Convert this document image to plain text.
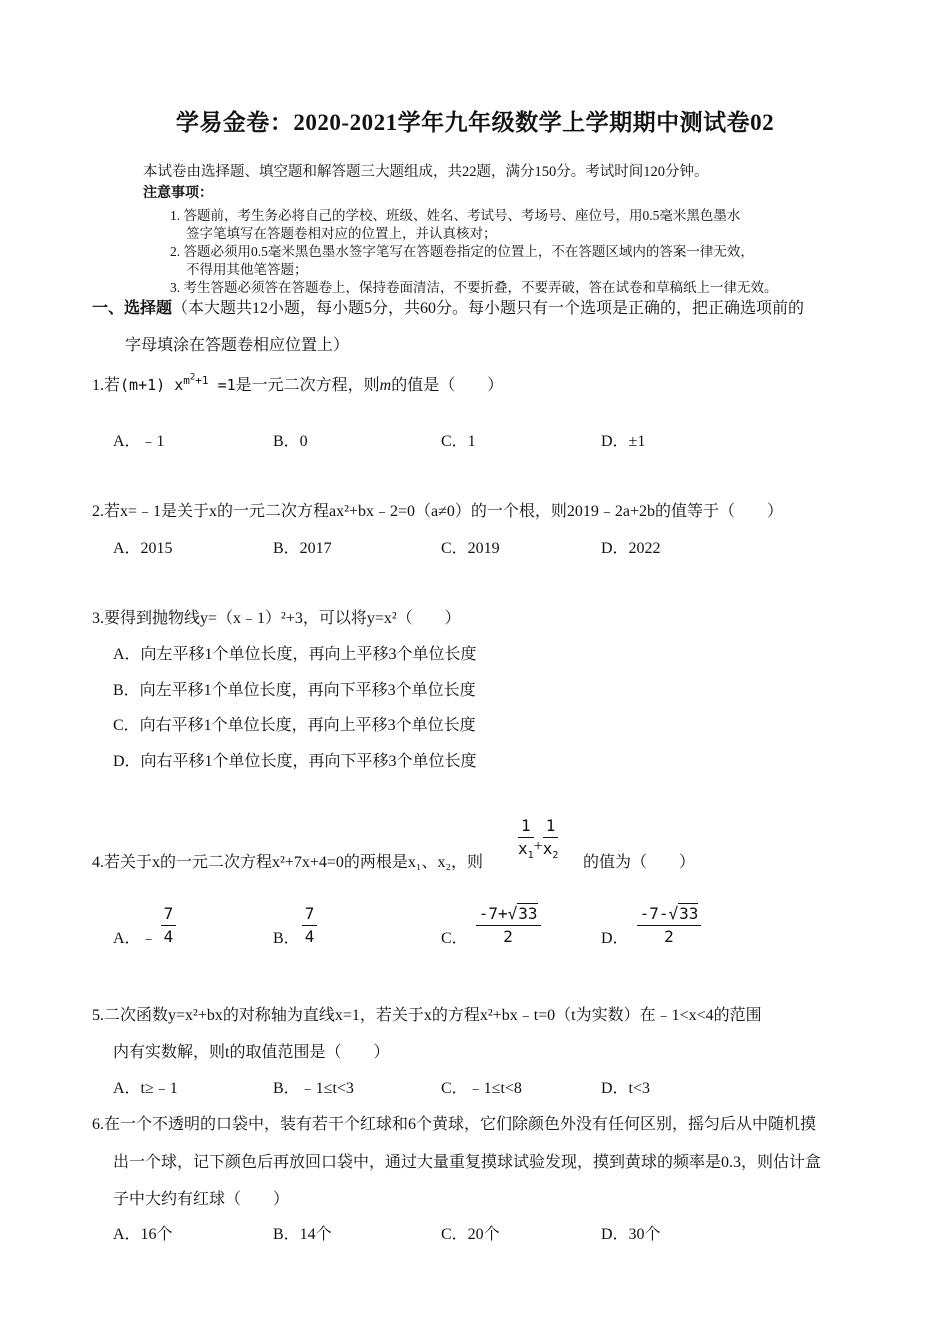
学易金卷：2020-2021学年九年级数学上学期期中测试卷02
本试卷由选择题、填空题和解答题三大题组成，共22题，满分150分。考试时间120分钟。
注意事项：
1. 答题前，考生务必将自己的学校、班级、姓名、考试号、考场号、座位号，用0.5毫米黑色墨水
签字笔填写在答题卷相对应的位置上，并认真核对；
2. 答题必须用0.5毫米黑色墨水签字笔写在答题卷指定的位置上，不在答题区域内的答案一律无效，
不得用其他笔答题；
3. 考生答题必须答在答题卷上，保持卷面清洁，不要折叠，不要弄破，答在试卷和草稿纸上一律无效。
一、选择题（本大题共12小题，每小题5分，共60分。每小题只有一个选项是正确的，把正确选项前的
字母填涂在答题卷相应位置上）
1.若(m+1) $x^{m^2+1} =1$是一元二次方程，则m的值是（　　）
A．﹣1	B．0	C．1	D．±1
2.若x=﹣1是关于x的一元二次方程ax²+bx﹣2=0（a≠0）的一个根，则2019﹣2a+2b的值等于（　　）
A．2015	B．2017	C．2019	D．2022
3.要得到抛物线y=（x﹣1）²+3，可以将y=x²（　　）
A．向左平移1个单位长度，再向上平移3个单位长度
B．向左平移1个单位长度，再向下平移3个单位长度
C．向右平移1个单位长度，再向上平移3个单位长度
D．向右平移1个单位长度，再向下平移3个单位长度
4.若关于x的一元二次方程x²+7x+4=0的两根是x₁、x₂，则
$\frac{1}{x_1} + \frac{1}{x_2}$
的值为（　　）
A．﹣ $\frac{7}{4}$	B． $\frac{7}{4}$	C． $\frac{-7+√33}{2}$	D． $\frac{-7-√33}{2}$
5.二次函数y=x²+bx的对称轴为直线x=1，若关于x的方程x²+bx﹣t=0（t为实数）在﹣1<x<4的范围
内有实数解，则t的取值范围是（　　）
A．t≥﹣1	B．﹣1≤t<3	C．﹣1≤t<8	D．t<3
6.在一个不透明的口袋中，装有若干个红球和6个黄球，它们除颜色外没有任何区别，摇匀后从中随机摸
出一个球，记下颜色后再放回口袋中，通过大量重复摸球试验发现，摸到黄球的频率是0.3，则估计盒
子中大约有红球（　　）
A．16个	B．14个	C．20个	D．30个
